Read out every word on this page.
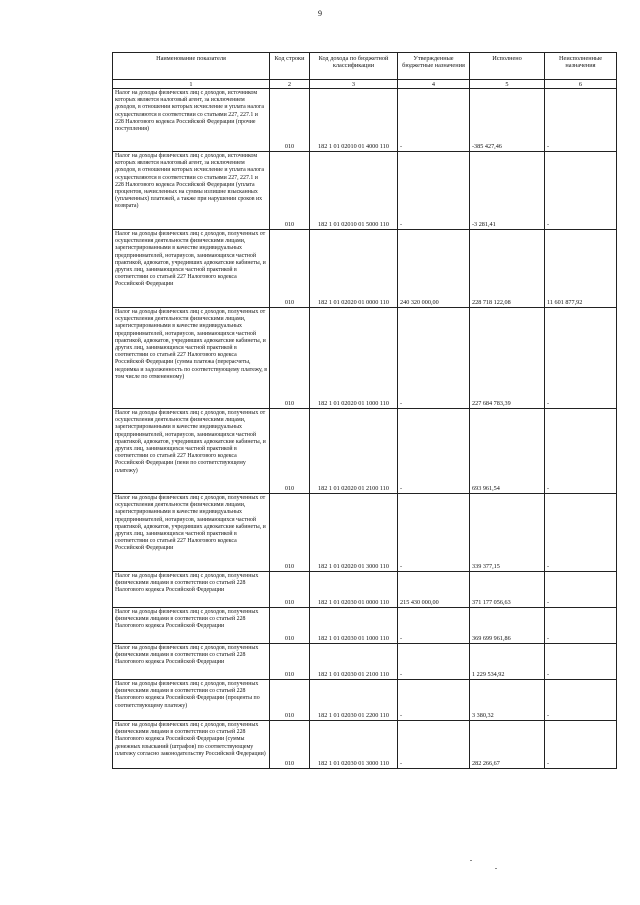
9
Наименование показателя	Код строки	Код дохода по бюджетной классификации	Утвержденные бюджетные назначения	Исполнено	Неисполненные назначения
1	2	3	4	5	6
Налог на доходы физических лиц с доходов, источником которых является налоговый агент, за исключением доходов, в отношении которых исчисление и уплата налога осуществляются в соответствии со статьями 227, 227.1 и 228 Налогового кодекса Российской Федерации (прочие поступления)	010	182 1 01 02010 01 4000 110	-	-385 427,46	-
Налог на доходы физических лиц с доходов, источником которых является налоговый агент, за исключением доходов, в отношении которых исчисление и уплата налога осуществляются в соответствии со статьями 227, 227.1 и 228 Налогового кодекса Российской Федерации (уплата процентов, начисленных на суммы излишне взысканных (уплаченных) платежей, а также при нарушении сроков их возврата)	010	182 1 01 02010 01 5000 110	-	-3 281,41	-
Налог на доходы физических лиц с доходов, полученных от осуществления деятельности физическими лицами, зарегистрированными в качестве индивидуальных предпринимателей, нотариусов, занимающихся частной практикой, адвокатов, учредивших адвокатские кабинеты, и других лиц, занимающихся частной практикой в соответствии со статьей 227 Налогового кодекса Российской Федерации	010	182 1 01 02020 01 0000 110	240 320 000,00	228 718 122,08	11 601 877,92
Налог на доходы физических лиц с доходов, полученных от осуществления деятельности физическими лицами, зарегистрированными в качестве индивидуальных предпринимателей, нотариусов, занимающихся частной практикой, адвокатов, учредивших адвокатские кабинеты, и других лиц, занимающихся частной практикой в соответствии со статьей 227 Налогового кодекса Российской Федерации (сумма платежа (перерасчеты, недоимка и задолженность по соответствующему платежу, в том числе по отмененному)	010	182 1 01 02020 01 1000 110	-	227 684 783,39	-
Налог на доходы физических лиц с доходов, полученных от осуществления деятельности физическими лицами, зарегистрированными в качестве индивидуальных предпринимателей, нотариусов, занимающихся частной практикой, адвокатов, учредивших адвокатские кабинеты, и других лиц, занимающихся частной практикой в соответствии со статьей 227 Налогового кодекса Российской Федерации (пени по соответствующему платежу)	010	182 1 01 02020 01 2100 110	-	693 961,54	-
Налог на доходы физических лиц с доходов, полученных от осуществления деятельности физическими лицами, зарегистрированными в качестве индивидуальных предпринимателей, нотариусов, занимающихся частной практикой, адвокатов, учредивших адвокатские кабинеты, и других лиц, занимающихся частной практикой в соответствии со статьей 227 Налогового кодекса Российской Федерации	010	182 1 01 02020 01 3000 110	-	339 377,15	-
Налог на доходы физических лиц с доходов, полученных физическими лицами в соответствии со статьей 228 Налогового кодекса Российской Федерации	010	182 1 01 02030 01 0000 110	215 430 000,00	371 177 056,63	-
Налог на доходы физических лиц с доходов, полученных физическими лицами в соответствии со статьей 228 Налогового кодекса Российской Федерации	010	182 1 01 02030 01 1000 110	-	369 699 961,86	-
Налог на доходы физических лиц с доходов, полученных физическими лицами в соответствии со статьей 228 Налогового кодекса Российской Федерации	010	182 1 01 02030 01 2100 110	-	1 229 534,92	-
Налог на доходы физических лиц с доходов, полученных физическими лицами в соответствии со статьей 228 Налогового кодекса Российской Федерации (проценты по соответствующему платежу)	010	182 1 01 02030 01 2200 110	-	3 380,32	-
Налог на доходы физических лиц с доходов, полученных физическими лицами в соответствии со статьей 228 Налогового кодекса Российской Федерации (суммы денежных взысканий (штрафов) по соответствующему платежу согласно законодательству Российской Федерации)	010	182 1 01 02030 01 3000 110	-	282 266,67	-
